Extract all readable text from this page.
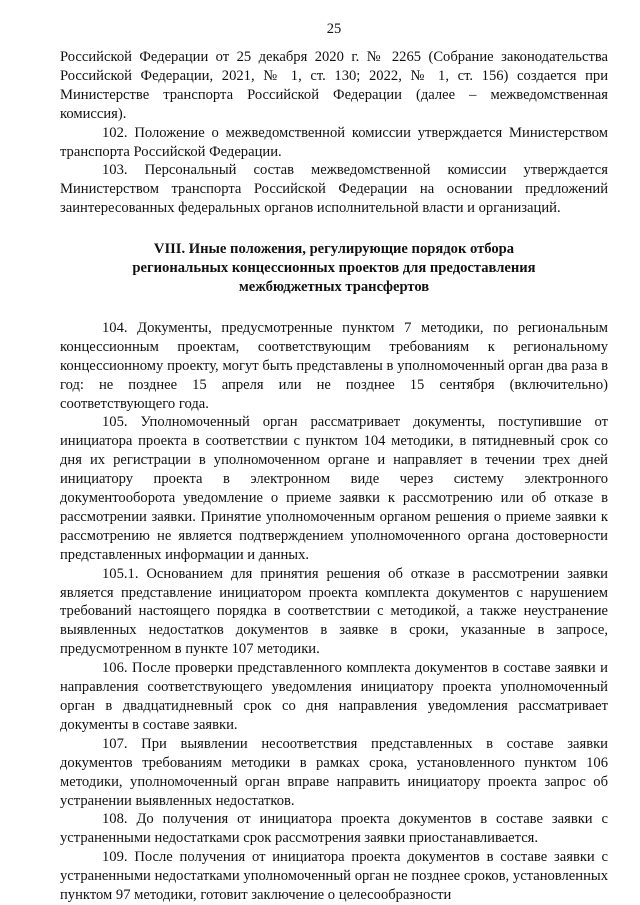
25

Российской Федерации от 25 декабря 2020 г. № 2265 (Собрание законодательства Российской Федерации, 2021, № 1, ст. 130; 2022, № 1, ст. 156) создается при Министерстве транспорта Российской Федерации (далее – межведомственная комиссия).

102. Положение о межведомственной комиссии утверждается Министерством транспорта Российской Федерации.

103. Персональный состав межведомственной комиссии утверждается Министерством транспорта Российской Федерации на основании предложений заинтересованных федеральных органов исполнительной власти и организаций.

VIII. Иные положения, регулирующие порядок отбора
региональных концессионных проектов для предоставления
межбюджетных трансфертов

104. Документы, предусмотренные пунктом 7 методики, по региональным концессионным проектам, соответствующим требованиям к региональному концессионному проекту, могут быть представлены в уполномоченный орган два раза в год: не позднее 15 апреля или не позднее 15 сентября (включительно) соответствующего года.

105. Уполномоченный орган рассматривает документы, поступившие от инициатора проекта в соответствии с пунктом 104 методики, в пятидневный срок со дня их регистрации в уполномоченном органе и направляет в течении трех дней инициатору проекта в электронном виде через систему электронного документооборота уведомление о приеме заявки к рассмотрению или об отказе в рассмотрении заявки. Принятие уполномоченным органом решения о приеме заявки к рассмотрению не является подтверждением уполномоченного органа достоверности представленных информации и данных.

105.1. Основанием для принятия решения об отказе в рассмотрении заявки является представление инициатором проекта комплекта документов с нарушением требований настоящего порядка в соответствии с методикой, а также неустранение выявленных недостатков документов в заявке в сроки, указанные в запросе, предусмотренном в пункте 107 методики.

106. После проверки представленного комплекта документов в составе заявки и направления соответствующего уведомления инициатору проекта уполномоченный орган в двадцатидневный срок со дня направления уведомления рассматривает документы в составе заявки.

107. При выявлении несоответствия представленных в составе заявки документов требованиям методики в рамках срока, установленного пунктом 106 методики, уполномоченный орган вправе направить инициатору проекта запрос об устранении выявленных недостатков.

108. До получения от инициатора проекта документов в составе заявки с устраненными недостатками срок рассмотрения заявки приостанавливается.

109. После получения от инициатора проекта документов в составе заявки с устраненными недостатками уполномоченный орган не позднее сроков, установленных пунктом 97 методики, готовит заключение о целесообразности
